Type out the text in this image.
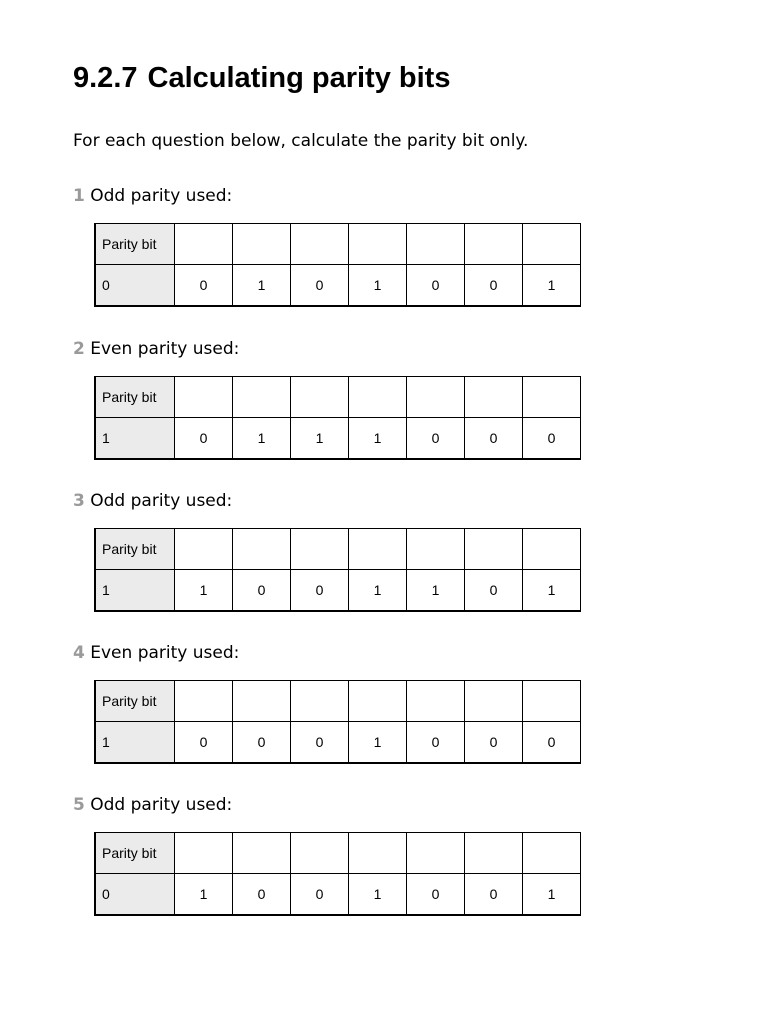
9.2.7 Calculating parity bits

For each question below, calculate the parity bit only.

1 Odd parity used:
Parity bit							
0	0	1	0	1	0	0	1
2 Even parity used:
Parity bit							
1	0	1	1	1	0	0	0
3 Odd parity used:
Parity bit							
1	1	0	0	1	1	0	1
4 Even parity used:
Parity bit							
1	0	0	0	1	0	0	0
5 Odd parity used:
Parity bit							
0	1	0	0	1	0	0	1
